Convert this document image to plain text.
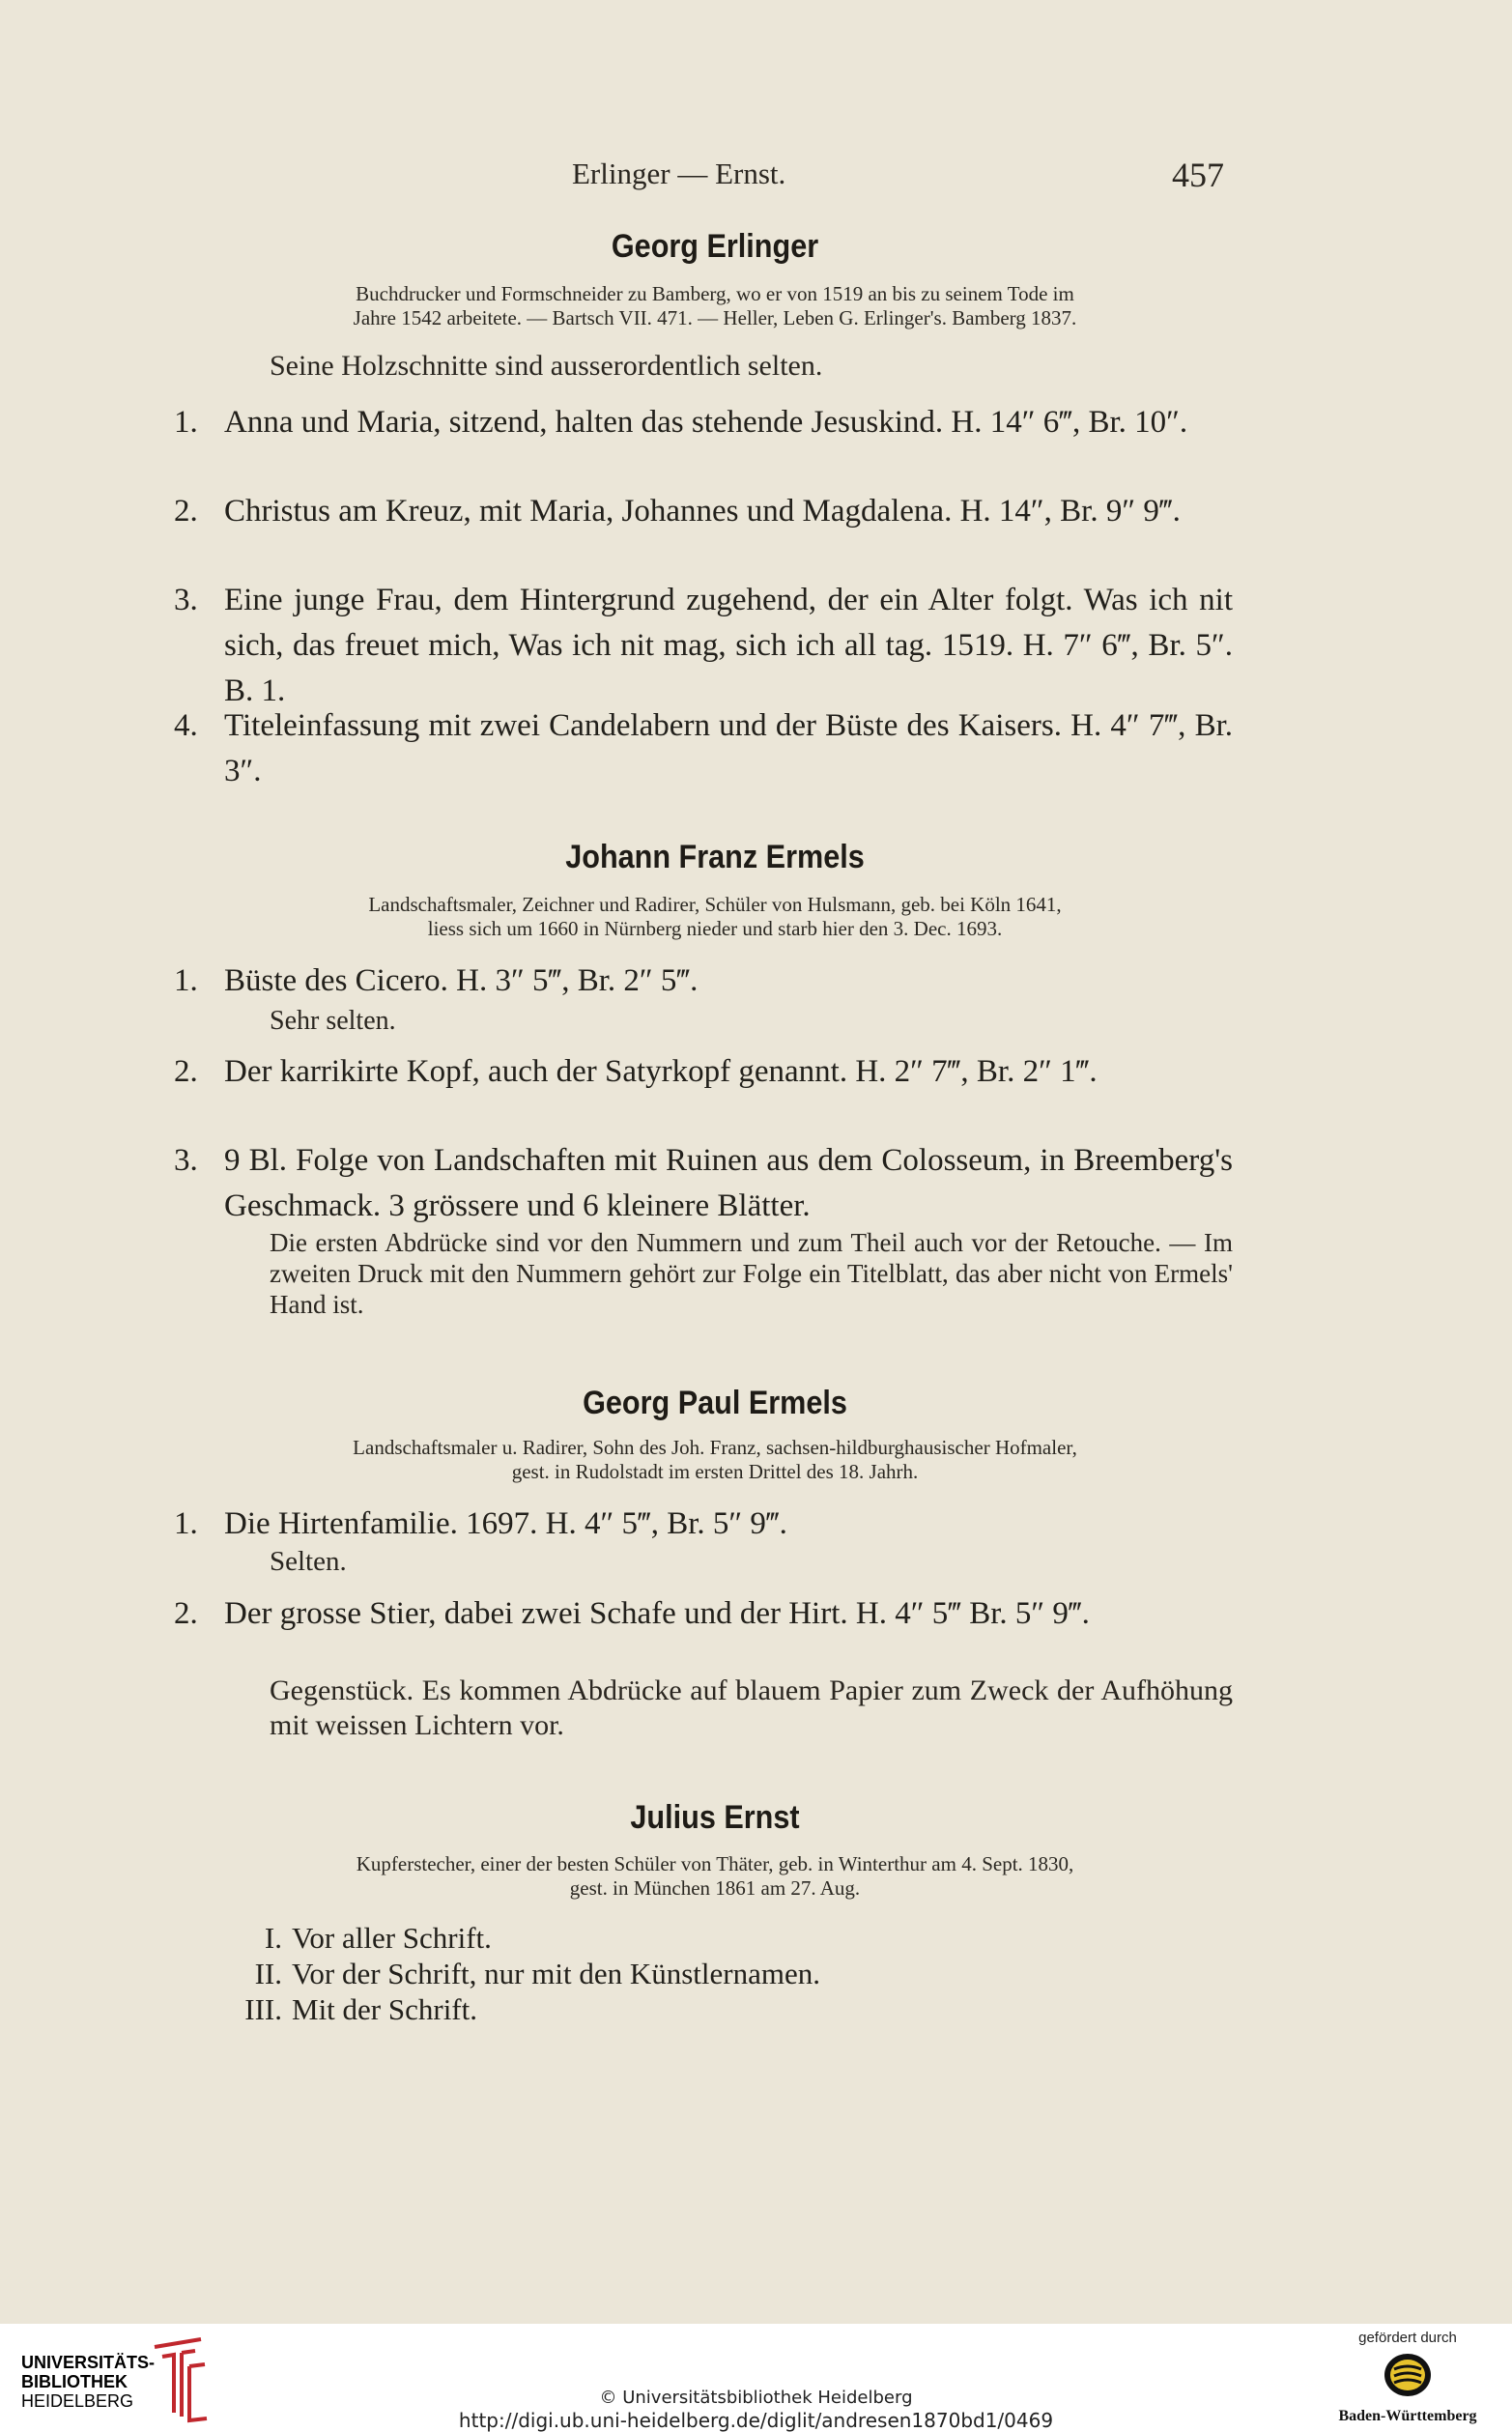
Erlinger — Ernst.	457
Georg Erlinger
Buchdrucker und Formschneider zu Bamberg, wo er von 1519 an bis zu seinem Tode im
Jahre 1542 arbeitete. — Bartsch VII. 471. — Heller, Leben G. Erlinger's. Bamberg 1837.
Seine Holzschnitte sind ausserordentlich selten.
1. Anna und Maria, sitzend, halten das stehende Jesuskind. H. 14″ 6‴, Br. 10″.
2. Christus am Kreuz, mit Maria, Johannes und Magdalena. H. 14″, Br. 9″ 9‴.
3. Eine junge Frau, dem Hintergrund zugehend, der ein Alter folgt. Was ich nit sich, das freuet mich, Was ich nit mag, sich ich all tag. 1519. H. 7″ 6‴, Br. 5″. B. 1.
4. Titeleinfassung mit zwei Candelabern und der Büste des Kaisers. H. 4″ 7‴, Br. 3″.
Johann Franz Ermels
Landschaftsmaler, Zeichner und Radirer, Schüler von Hulsmann, geb. bei Köln 1641,
liess sich um 1660 in Nürnberg nieder und starb hier den 3. Dec. 1693.
1. Büste des Cicero. H. 3″ 5‴, Br. 2″ 5‴.
Sehr selten.
2. Der karrikirte Kopf, auch der Satyrkopf genannt. H. 2″ 7‴, Br. 2″ 1‴.
3. 9 Bl. Folge von Landschaften mit Ruinen aus dem Colosseum, in Breemberg's Geschmack. 3 grössere und 6 kleinere Blätter.
Die ersten Abdrücke sind vor den Nummern und zum Theil auch vor der Retouche. — Im zweiten Druck mit den Nummern gehört zur Folge ein Titelblatt, das aber nicht von Ermels' Hand ist.
Georg Paul Ermels
Landschaftsmaler u. Radirer, Sohn des Joh. Franz, sachsen-hildburghausischer Hofmaler,
gest. in Rudolstadt im ersten Drittel des 18. Jahrh.
1. Die Hirtenfamilie. 1697. H. 4″ 5‴, Br. 5″ 9‴.
Selten.
2. Der grosse Stier, dabei zwei Schafe und der Hirt. H. 4″ 5‴ Br. 5″ 9‴.
Gegenstück. Es kommen Abdrücke auf blauem Papier zum Zweck der Aufhöhung mit weissen Lichtern vor.
Julius Ernst
Kupferstecher, einer der besten Schüler von Thäter, geb. in Winterthur am 4. Sept. 1830,
gest. in München 1861 am 27. Aug.
I. Vor aller Schrift.
II. Vor der Schrift, nur mit den Künstlernamen.
III. Mit der Schrift.
UNIVERSITÄTS-
BIBLIOTHEK
HEIDELBERG	© Universitätsbibliothek Heidelberg
http://digi.ub.uni-heidelberg.de/diglit/andresen1870bd1/0469
gefördert durch
Baden-Württemberg
